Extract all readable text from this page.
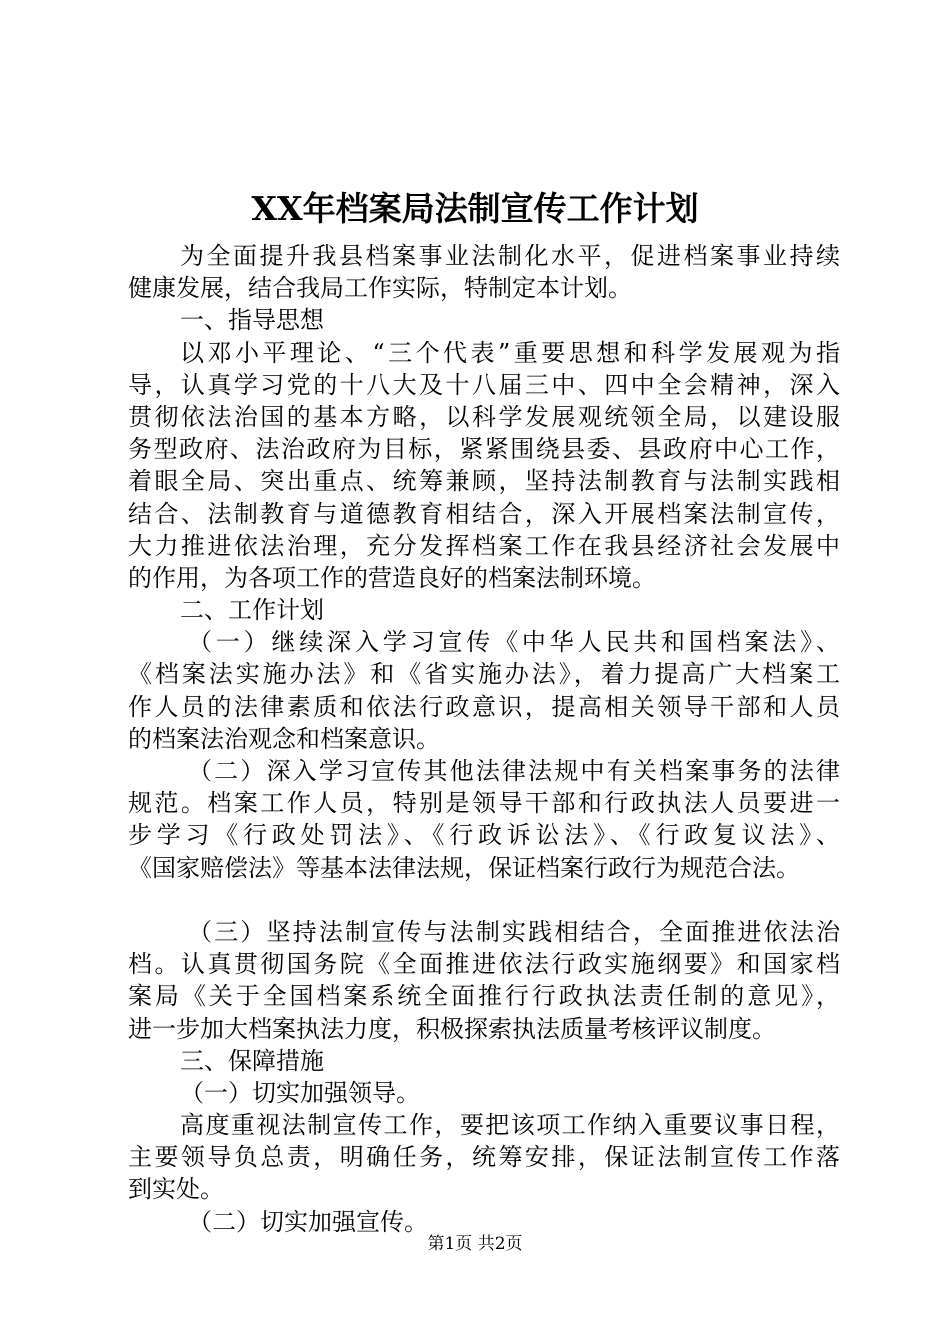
XX年档案局法制宣传工作计划
为全面提升我县档案事业法制化水平，促进档案事业持续
健康发展，结合我局工作实际，特制定本计划。
一、指导思想
以邓小平理论、“三个代表”重要思想和科学发展观为指
导，认真学习党的十八大及十八届三中、四中全会精神，深入
贯彻依法治国的基本方略，以科学发展观统领全局，以建设服
务型政府、法治政府为目标，紧紧围绕县委、县政府中心工作，
着眼全局、突出重点、统筹兼顾，坚持法制教育与法制实践相
结合、法制教育与道德教育相结合，深入开展档案法制宣传，
大力推进依法治理，充分发挥档案工作在我县经济社会发展中
的作用，为各项工作的营造良好的档案法制环境。
二、工作计划
（一）继续深入学习宣传《中华人民共和国档案法》、
《档案法实施办法》和《省实施办法》，着力提高广大档案工
作人员的法律素质和依法行政意识，提高相关领导干部和人员
的档案法治观念和档案意识。
（二）深入学习宣传其他法律法规中有关档案事务的法律
规范。档案工作人员，特别是领导干部和行政执法人员要进一
步学习《行政处罚法》、《行政诉讼法》、《行政复议法》、
《国家赔偿法》等基本法律法规，保证档案行政行为规范合法。
（三）坚持法制宣传与法制实践相结合，全面推进依法治
档。认真贯彻国务院《全面推进依法行政实施纲要》和国家档
案局《关于全国档案系统全面推行行政执法责任制的意见》，
进一步加大档案执法力度，积极探索执法质量考核评议制度。
三、保障措施
（一）切实加强领导。
高度重视法制宣传工作，要把该项工作纳入重要议事日程，
主要领导负总责，明确任务，统筹安排，保证法制宣传工作落
到实处。
（二）切实加强宣传。
第1页 共2页
